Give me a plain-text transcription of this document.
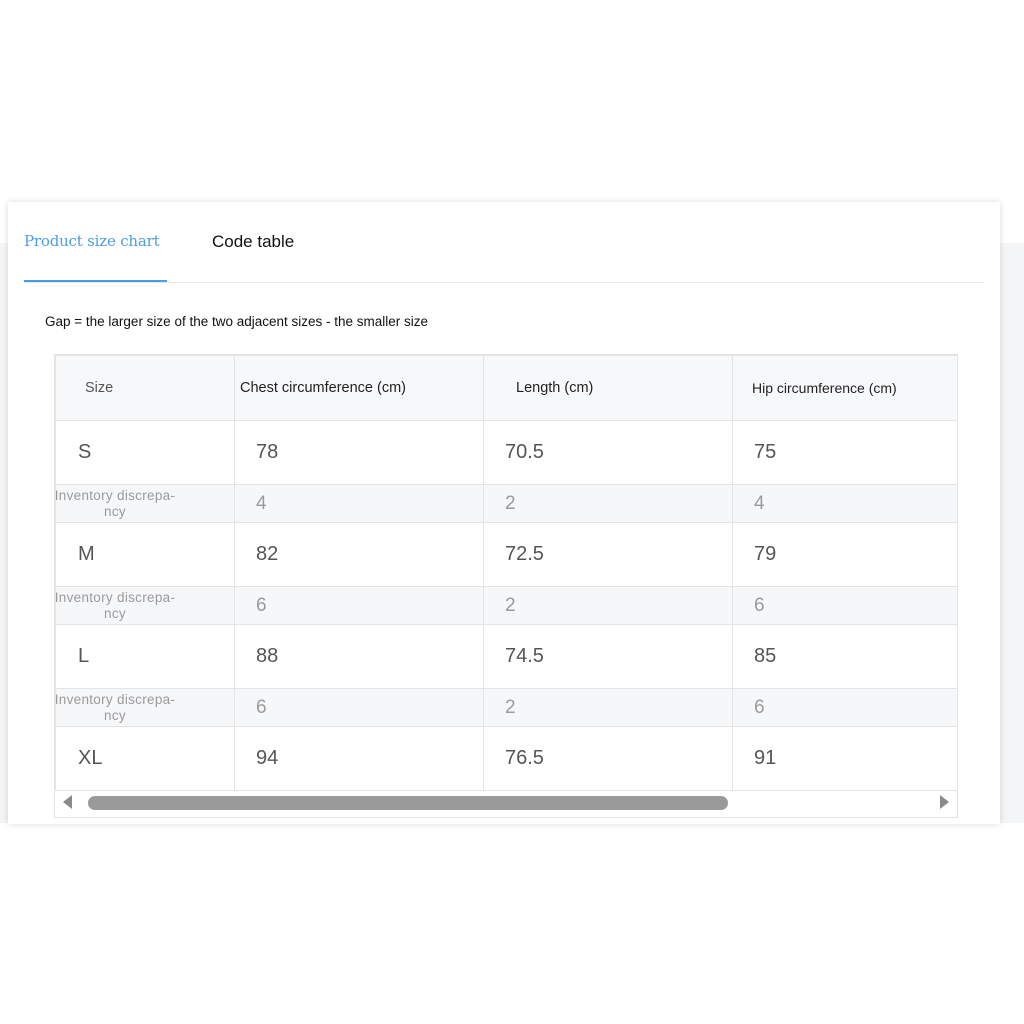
Product size chart	Code table
Gap = the larger size of the two adjacent sizes - the smaller size
Size	Chest circumference (cm)	Length (cm)	Hip circumference (cm)
S	78	70.5	75

Inventory discrepa-
ncy	4	2	4
M	82	72.5	79

Inventory discrepa-
ncy	6	2	6
L	88	74.5	85

Inventory discrepa-
ncy	6	2	6
XL	94	76.5	91
